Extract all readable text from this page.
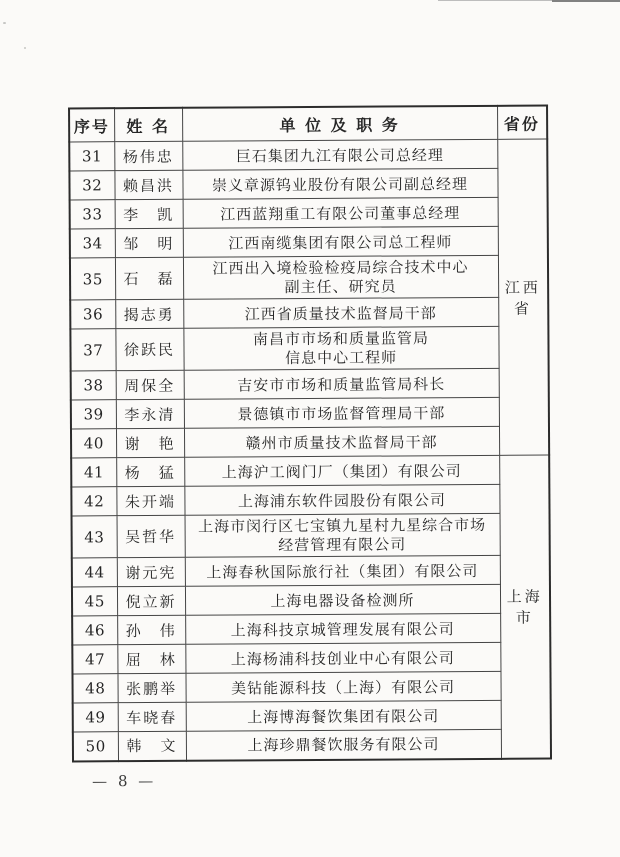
序号	姓 名	单 位 及 职 务	省份
31	杨伟忠	巨石集团九江有限公司总经理	江西省
32	赖昌洪	崇义章源钨业股份有限公司副总经理	
33	李　凯	江西蓝翔重工有限公司董事总经理	
34	邹　明	江西南缆集团有限公司总工程师	
35	石　磊	江西出入境检验检疫局综合技术中心
副主任、研究员	

36	揭志勇	江西省质量技术监督局干部	
37	徐跃民	南昌市市场和质量监管局
信息中心工程师	

38	周保全	吉安市市场和质量监管局科长	
39	李永清	景德镇市市场监督管理局干部	
40	谢　艳	赣州市质量技术监督局干部	
41	杨　猛	上海沪工阀门厂（集团）有限公司	上海市
42	朱开端	上海浦东软件园股份有限公司	
43	吴哲华	上海市闵行区七宝镇九星村九星综合市场
经营管理有限公司	

44	谢元宪	上海春秋国际旅行社（集团）有限公司	
45	倪立新	上海电器设备检测所	
46	孙　伟	上海科技京城管理发展有限公司	
47	屈　林	上海杨浦科技创业中心有限公司	
48	张鹏举	美钻能源科技（上海）有限公司	
49	车晓春	上海博海餐饮集团有限公司	
50	韩　文	上海珍鼎餐饮服务有限公司	
— 8 —
